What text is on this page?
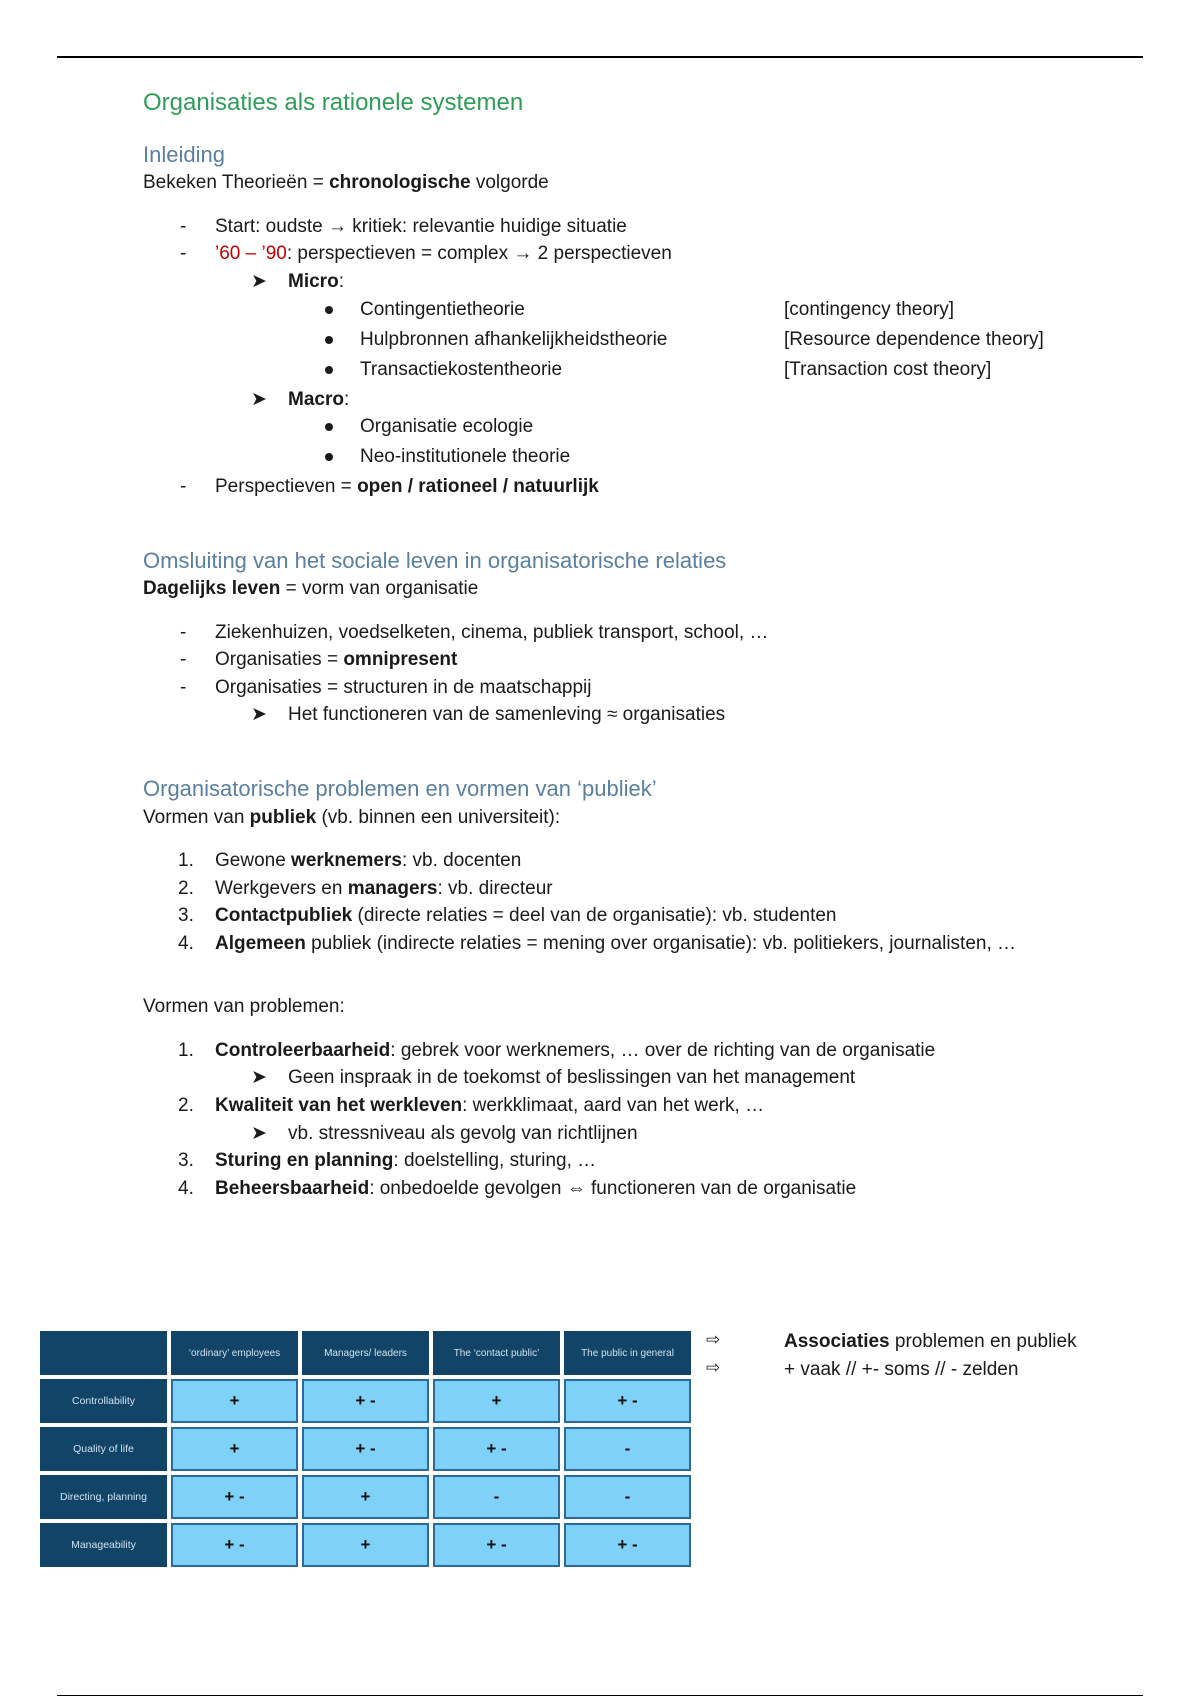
Organisaties als rationele systemen
Inleiding

Bekeken Theorieën = chronologische volgorde

- Start: oudste → kritiek: relevantie huidige situatie
- ’60 – ’90: perspectieven = complex → 2 perspectieven
➤ Micro:
Contingentietheorie	[contingency theory]
Hulpbronnen afhankelijkheidstheorie	[Resource dependence theory]
Transactiekostentheorie	[Transaction cost theory]
➤ Macro:
Organisatie ecologie
Neo-institutionele theorie
- Perspectieven = open / rationeel / natuurlijk
Omsluiting van het sociale leven in organisatorische relaties

Dagelijks leven = vorm van organisatie

- Ziekenhuizen, voedselketen, cinema, publiek transport, school, …
- Organisaties = omnipresent
- Organisaties = structuren in de maatschappij
➤ Het functioneren van de samenleving ≈ organisaties
Organisatorische problemen en vormen van ‘publiek’

Vormen van publiek (vb. binnen een universiteit):

1. Gewone werknemers: vb. docenten
2. Werkgevers en managers: vb. directeur
3. Contactpubliek (directe relaties = deel van de organisatie): vb. studenten
4. Algemeen publiek (indirecte relaties = mening over organisatie): vb. politiekers, journalisten, …

Vormen van problemen:

1. Controleerbaarheid: gebrek voor werknemers, … over de richting van de organisatie
➤ Geen inspraak in de toekomst of beslissingen van het management
2. Kwaliteit van het werkleven: werkklimaat, aard van het werk, …
➤ vb. stressniveau als gevolg van richtlijnen
3. Sturing en planning: doelstelling, sturing, …
4. Beheersbaarheid: onbedoelde gevolgen ⇔ functioneren van de organisatie
	‘ordinary’ employees	Managers/ leaders	The ‘contact public’	The public in general
Controllability	+	+ -	+	+ -
Quality of life	+	+ -	+ -	-
Directing, planning	+ -	+	-	-
Manageability	+ -	+	+ -	+ -
⇨	Associaties problemen en publiek
⇨	+ vaak // +- soms // - zelden
